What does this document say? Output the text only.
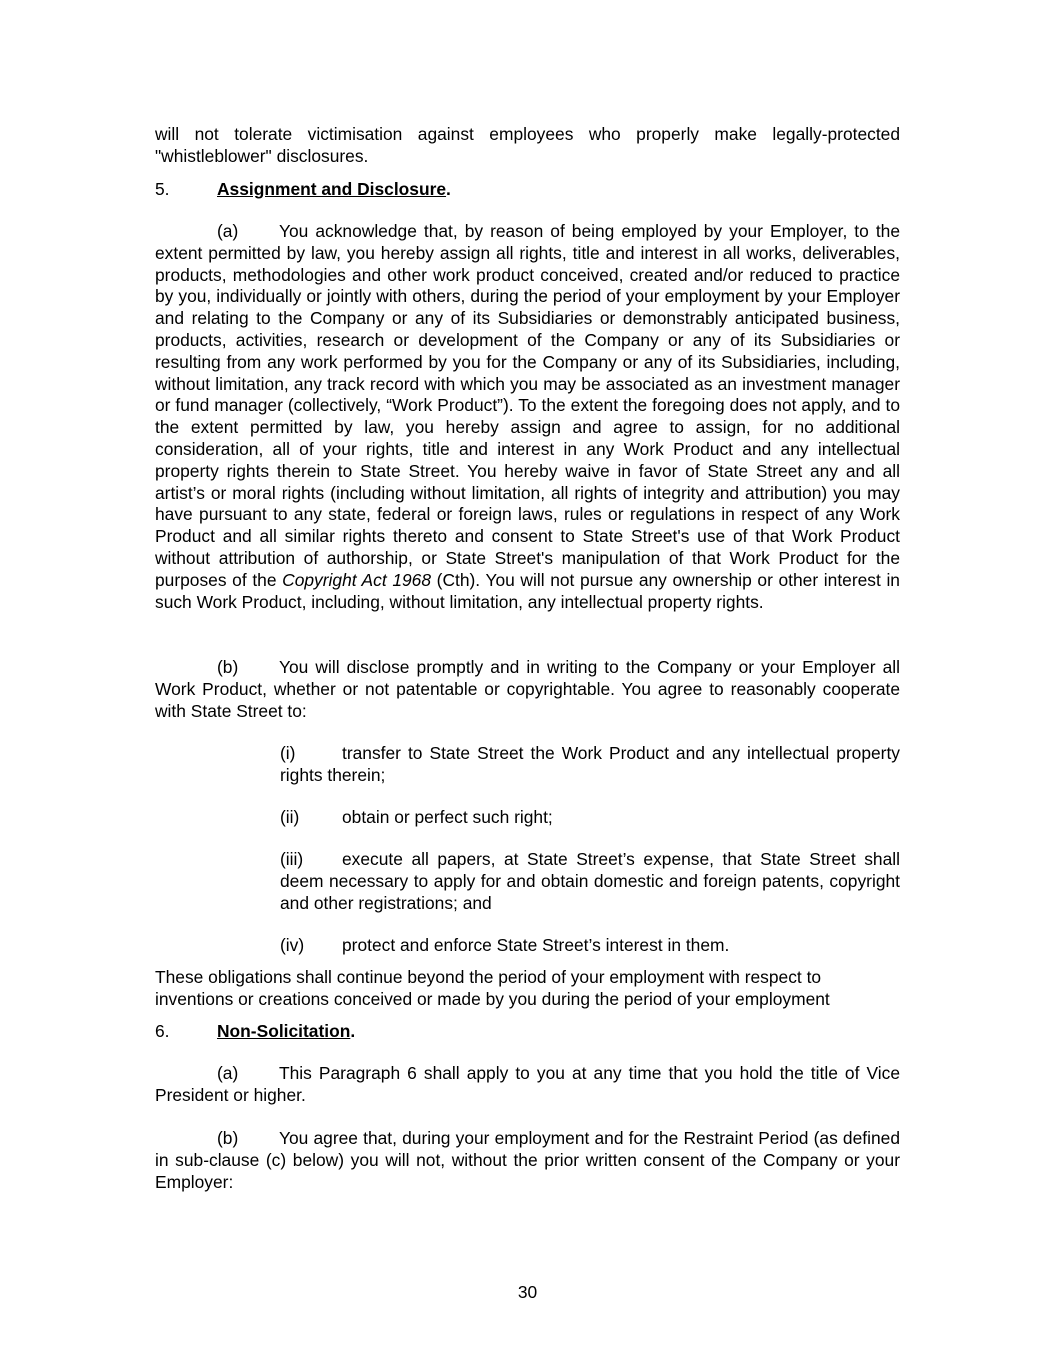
will not tolerate victimisation against employees who properly make legally-protected "whistleblower" disclosures.

5.	Assignment and Disclosure.

(a) You acknowledge that, by reason of being employed by your Employer, to the extent permitted by law, you hereby assign all rights, title and interest in all works, deliverables, products, methodologies and other work product conceived, created and/or reduced to practice by you, individually or jointly with others, during the period of your employment by your Employer and relating to the Company or any of its Subsidiaries or demonstrably anticipated business, products, activities, research or development of the Company or any of its Subsidiaries or resulting from any work performed by you for the Company or any of its Subsidiaries, including, without limitation, any track record with which you may be associated as an investment manager or fund manager (collectively, “Work Product”). To the extent the foregoing does not apply, and to the extent permitted by law, you hereby assign and agree to assign, for no additional consideration, all of your rights, title and interest in any Work Product and any intellectual property rights therein to State Street. You hereby waive in favor of State Street any and all artist’s or moral rights (including without limitation, all rights of integrity and attribution) you may have pursuant to any state, federal or foreign laws, rules or regulations in respect of any Work Product and all similar rights thereto and consent to State Street's use of that Work Product without attribution of authorship, or State Street's manipulation of that Work Product for the purposes of the Copyright Act 1968 (Cth). You will not pursue any ownership or other interest in such Work Product, including, without limitation, any intellectual property rights.

(b) You will disclose promptly and in writing to the Company or your Employer all Work Product, whether or not patentable or copyrightable. You agree to reasonably cooperate with State Street to:

(i)	transfer to State Street the Work Product and any intellectual property rights therein;

(ii) obtain or perfect such right;

(iii) execute all papers, at State Street’s expense, that State Street shall deem necessary to apply for and obtain domestic and foreign patents, copyright and other registrations; and

(iv) protect and enforce State Street’s interest in them.

These obligations shall continue beyond the period of your employment with respect to inventions or creations conceived or made by you during the period of your employment

6.	Non-Solicitation.

(a) This Paragraph 6 shall apply to you at any time that you hold the title of Vice President or higher.

(b) You agree that, during your employment and for the Restraint Period (as defined in sub-clause (c) below) you will not, without the prior written consent of the Company or your Employer:

30
